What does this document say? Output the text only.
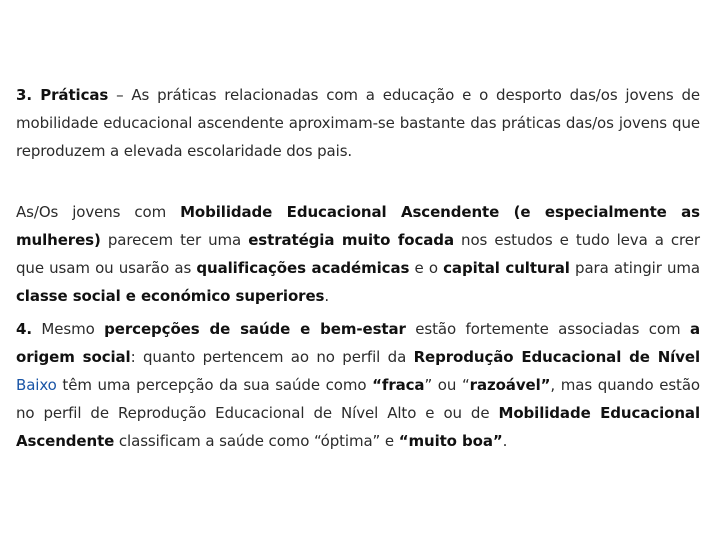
3. Práticas – As práticas relacionadas com a educação e o desporto das/os jovens de mobilidade educacional ascendente aproximam-se bastante das práticas das/os jovens que reproduzem a elevada escolaridade dos pais.

As/Os jovens com Mobilidade Educacional Ascendente (e especialmente as mulheres) parecem ter uma estratégia muito focada nos estudos e tudo leva a crer que usam ou usarão as qualificações académicas e o capital cultural para atingir uma classe social e económico superiores.

4. Mesmo percepções de saúde e bem-estar estão fortemente associadas com a origem social: quanto pertencem ao no perfil da Reprodução Educacional de Nível Baixo têm uma percepção da sua saúde como “fraca” ou “razoável”, mas quando estão no perfil de Reprodução Educacional de Nível Alto e ou de Mobilidade Educacional Ascendente classificam a saúde como “óptima” e “muito boa”.
